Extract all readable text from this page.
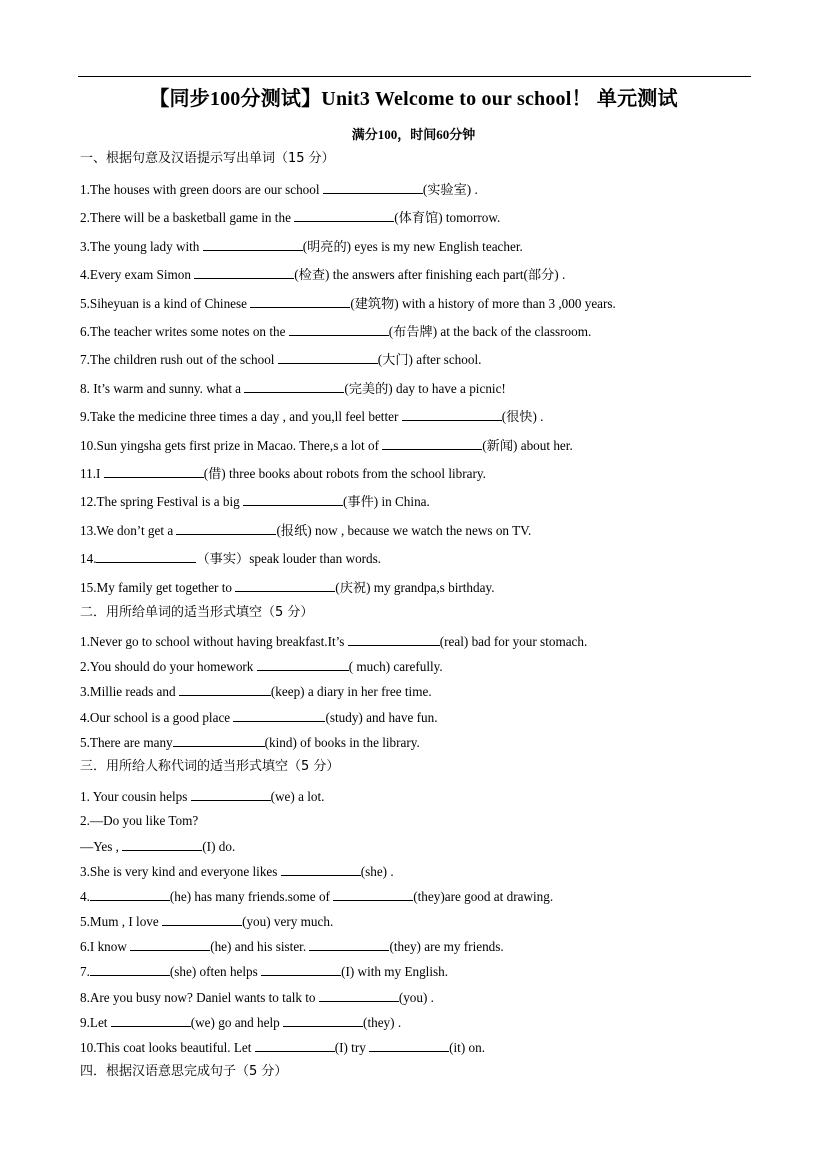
【同步100分测试】Unit3 Welcome to our school！ 单元测试
满分100，时间60分钟
一、根据句意及汉语提示写出单词（15 分）
1.The houses with green doors are our school	(实验室) .
2.There will be a basketball game in the	(体育馆) tomorrow.
3.The young lady with	(明亮的) eyes is my new English teacher.
4.Every exam Simon	(检查) the answers after finishing each part(部分) .
5.Siheyuan is a kind of Chinese	(建筑物) with a history of more than 3 ,000 years.
6.The teacher writes some notes on the	(布告牌) at the back of the classroom.
7.The children rush out of the school	(大门) after school.
8. It’s warm and sunny. what a	(完美的) day to have a picnic!
9.Take the medicine three times a day , and you,ll feel better	(很快) .
10.Sun yingsha gets first prize in Macao. There,s a lot of	(新闻) about her.
11.I	(借) three books about robots from the school library.
12.The spring Festival is a big	(事件) in China.
13.We don’t get a	(报纸) now , because we watch the news on TV.
14.	（事实）speak louder than words.
15.My family get together to	(庆祝) my grandpa,s birthday.
二．用所给单词的适当形式填空（5 分）
1.Never go to school without having breakfast.It’s	(real) bad for your stomach.
2.You should do your homework	( much) carefully.
3.Millie reads and	(keep) a diary in her free time.
4.Our school is a good place	(study) and have fun.
5.There are many	(kind) of books in the library.
三．用所给人称代词的适当形式填空（5 分）
1. Your cousin helps	(we) a lot.
2.—Do you like Tom?
—Yes ,	(I) do.
3.She is very kind and everyone likes	(she) .
4.	(he) has many friends.some of	(they)are good at drawing.
5.Mum , I love	(you) very much.
6.I know	(he) and his sister.	(they) are my friends.
7.	(she) often helps	(I) with my English.
8.Are you busy now? Daniel wants to talk to	(you) .
9.Let	(we) go and help	(they) .
10.This coat looks beautiful. Let	(I) try	(it) on.
四．根据汉语意思完成句子（5 分）
